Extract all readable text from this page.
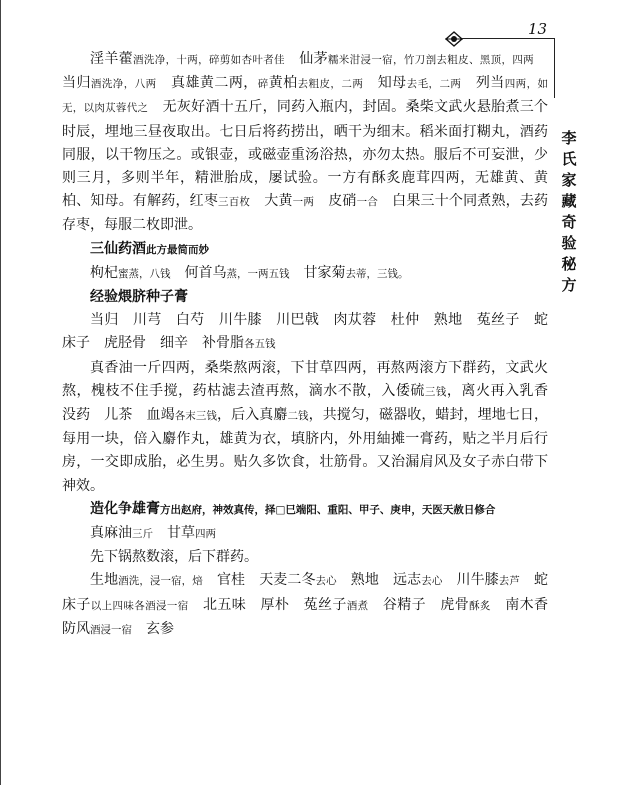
13
李氏家藏奇验秘方

淫羊藿酒洗净，十两，碎剪如杏叶者佳　仙茅糯米泔浸一宿，竹刀剖去粗皮、黑顶，四两　当归酒洗净，八两　真雄黄二两，碎黄柏去粗皮，二两　知母去毛，二两　列当四两，如无，以肉苁蓉代之　无灰好酒十五斤，同药入瓶内，封固。桑柴文武火悬胎煮三个时辰，埋地三昼夜取出。七日后将药捞出，晒干为细末。稻米面打糊丸，酒药同服，以干物压之。或银壶，或磁壶重汤浴热，亦勿太热。服后不可妄泄，少则三月，多则半年，精泄胎成，屡试验。一方有酥炙鹿茸四两，无雄黄、黄柏、知母。有解药，红枣三百枚　大黄一两　皮硝一合　白果三十个同煮熟，去药存枣，每服二枚即泄。

三仙药酒此方最简而妙

枸杞蜜蒸，八钱　何首乌蒸，一两五钱　甘家菊去蒂，三钱。

经验煨脐种子膏

当归　川芎　白芍　川牛膝　川巴戟　肉苁蓉　杜仲　熟地　菟丝子　蛇床子　虎胫骨　细辛　补骨脂各五钱

真香油一斤四两，桑柴熬两滚，下甘草四两，再熬两滚方下群药，文武火熬，槐枝不住手搅，药枯滤去渣再熬，滴水不散，入倭硫三钱，离火再入乳香　没药　儿茶　血竭各末三钱，后入真麝二钱，共搅匀，磁器收，蜡封，埋地七日，每用一块，倍入麝作丸，雄黄为衣，填脐内，外用紬摊一膏药，贴之半月后行房，一交即成胎，必生男。贴久多饮食，壮筋骨。又治漏肩风及女子赤白带下神效。

造化争雄膏方出赵府，神效真传，择□巳端阳、重阳、甲子、庚申，天医天赦日修合

真麻油三斤　甘草四两

先下锅熬数滚，后下群药。

生地酒洗，浸一宿，焙　官桂　天麦二冬去心　熟地　远志去心　川牛膝去芦　蛇床子以上四味各酒浸一宿　北五味　厚朴　菟丝子酒煮　谷精子　虎骨酥炙　南木香　防风酒浸一宿　玄参
